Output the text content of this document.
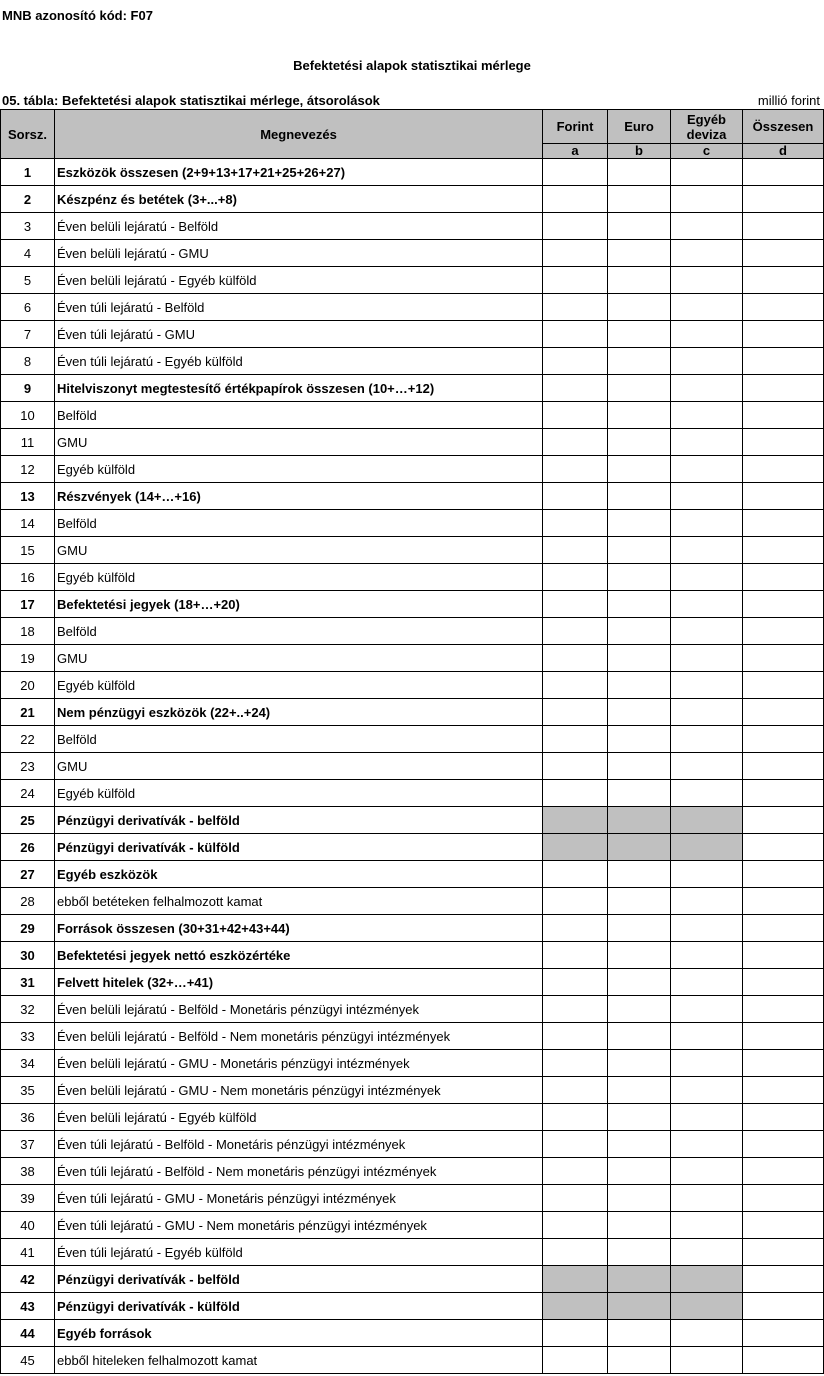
MNB azonosító kód: F07
Befektetési alapok statisztikai mérlege
05. tábla: Befektetési alapok statisztikai mérlege, átsorolások	millió forint
Sorsz.	Megnevezés	Forint	Euro	Egyéb deviza	Összesen
		a	b	c	d
1	Eszközök összesen (2+9+13+17+21+25+26+27)				
2	Készpénz és betétek (3+...+8)				
3	Éven belüli lejáratú - Belföld				
4	Éven belüli lejáratú - GMU				
5	Éven belüli lejáratú - Egyéb külföld				
6	Éven túli lejáratú - Belföld				
7	Éven túli lejáratú - GMU				
8	Éven túli lejáratú - Egyéb külföld				
9	Hitelviszonyt megtestesítő értékpapírok összesen (10+…+12)				
10	Belföld				
11	GMU				
12	Egyéb külföld				
13	Részvények (14+…+16)				
14	Belföld				
15	GMU				
16	Egyéb külföld				
17	Befektetési jegyek (18+…+20)				
18	Belföld				
19	GMU				
20	Egyéb külföld				
21	Nem pénzügyi eszközök (22+..+24)				
22	Belföld				
23	GMU				
24	Egyéb külföld				
25	Pénzügyi derivatívák - belföld				
26	Pénzügyi derivatívák - külföld				
27	Egyéb eszközök				
28	ebből betéteken felhalmozott kamat				
29	Források összesen (30+31+42+43+44)				
30	Befektetési jegyek nettó eszközértéke				
31	Felvett hitelek (32+…+41)				
32	Éven belüli lejáratú - Belföld - Monetáris pénzügyi intézmények				
33	Éven belüli lejáratú - Belföld - Nem monetáris pénzügyi intézmények				
34	Éven belüli lejáratú - GMU - Monetáris pénzügyi intézmények				
35	Éven belüli lejáratú - GMU - Nem monetáris pénzügyi intézmények				
36	Éven belüli lejáratú - Egyéb külföld				
37	Éven túli lejáratú - Belföld - Monetáris pénzügyi intézmények				
38	Éven túli lejáratú - Belföld - Nem monetáris pénzügyi intézmények				
39	Éven túli lejáratú - GMU - Monetáris pénzügyi intézmények				
40	Éven túli lejáratú - GMU - Nem monetáris pénzügyi intézmények				
41	Éven túli lejáratú - Egyéb külföld				
42	Pénzügyi derivatívák - belföld				
43	Pénzügyi derivatívák - külföld				
44	Egyéb források				
45	ebből hiteleken felhalmozott kamat				
